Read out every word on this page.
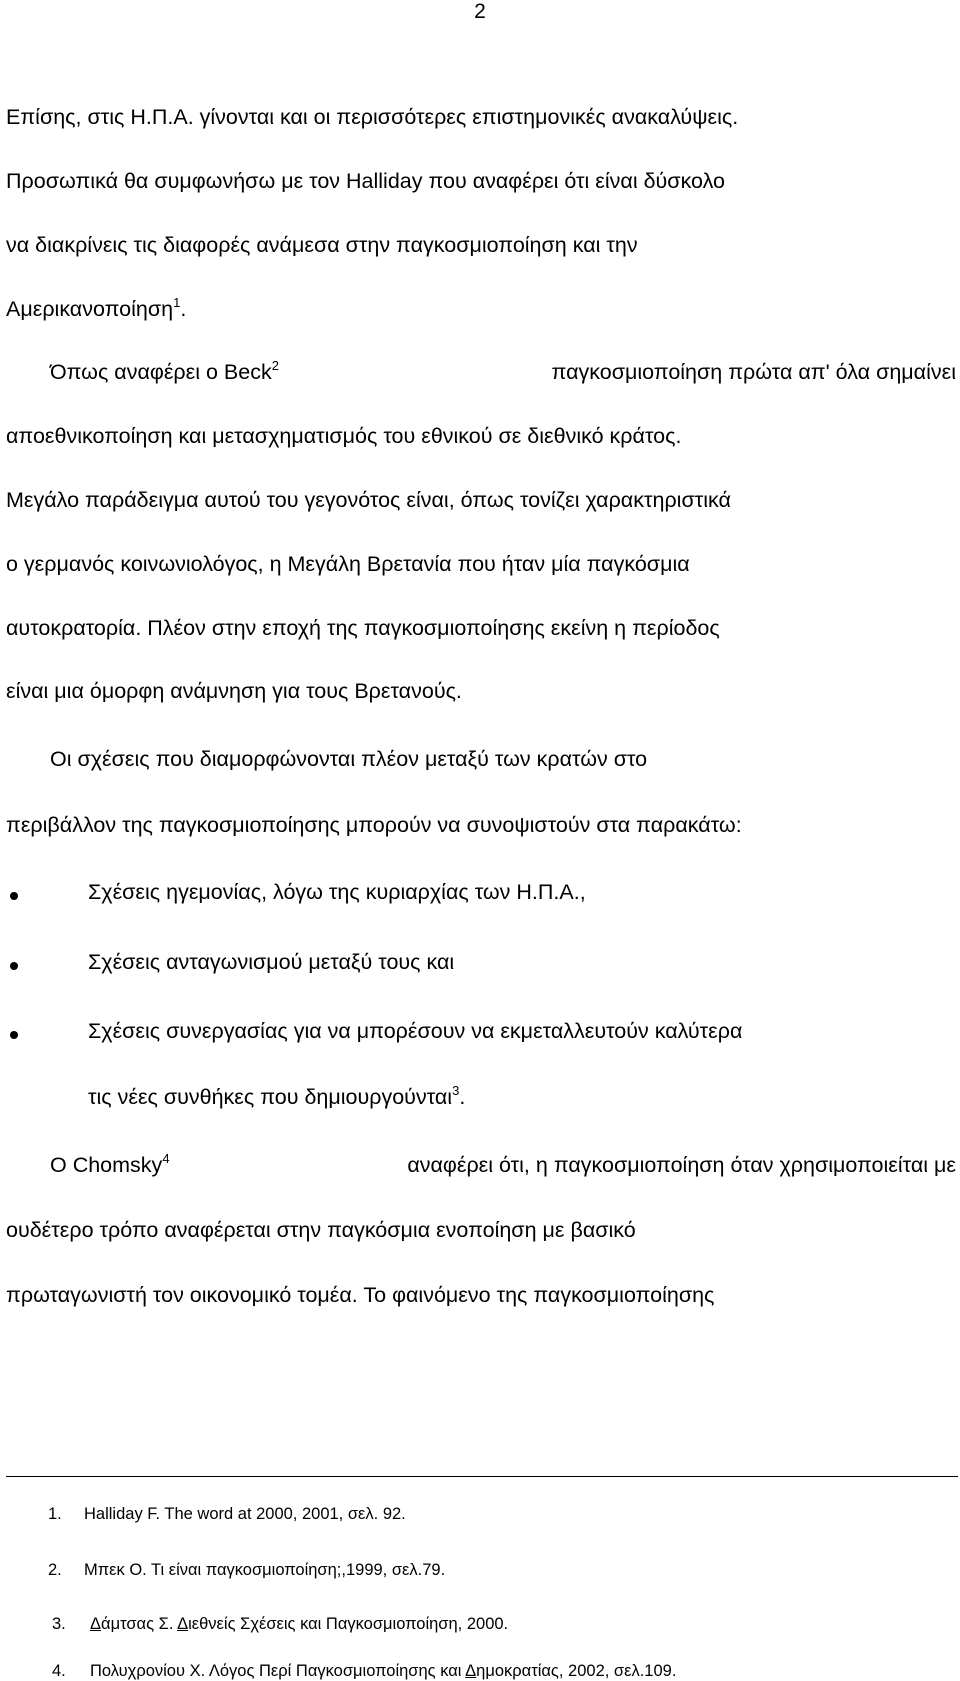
2
Επίσης, στις Η.Π.Α. γίνονται και οι περισσότερες επιστημονικές ανακαλύψεις.
Προσωπικά θα συμφωνήσω με τον Halliday που αναφέρει ότι είναι δύσκολο
να διακρίνεις τις διαφορές ανάμεσα στην παγκοσμιοποίηση και την
Αμερικανοποίηση$^1$.
Όπως αναφέρει ο Beck$^2$	παγκοσμιοποίηση πρώτα απ' όλα σημαίνει
αποεθνικοποίηση και μετασχηματισμός του εθνικού σε διεθνικό κράτος.
Μεγάλο παράδειγμα αυτού του γεγονότος είναι, όπως τονίζει χαρακτηριστικά
ο γερμανός κοινωνιολόγος, η Μεγάλη Βρετανία που ήταν μία παγκόσμια
αυτοκρατορία. Πλέον στην εποχή της παγκοσμιοποίησης εκείνη η περίοδος
είναι μια όμορφη ανάμνηση για τους Βρετανούς.
Οι σχέσεις που διαμορφώνονται πλέον μεταξύ των κρατών στο
περιβάλλον της παγκοσμιοποίησης μπορούν να συνοψιστούν στα παρακάτω:
Σχέσεις ηγεμονίας, λόγω της κυριαρχίας των Η.Π.Α.,
Σχέσεις ανταγωνισμού μεταξύ τους και
Σχέσεις συνεργασίας για να μπορέσουν να εκμεταλλευτούν καλύτερα
τις νέες συνθήκες που δημιουργούνται$^3$.
Ο Chomsky$^4$	αναφέρει ότι, η παγκοσμιοποίηση όταν χρησιμοποιείται με
ουδέτερο τρόπο αναφέρεται στην παγκόσμια ενοποίηση με βασικό
πρωταγωνιστή τον οικονομικό τομέα. Το φαινόμενο της παγκοσμιοποίησης
1. Halliday F. The word at 2000, 2001, σελ. 92.
2. Μπεκ Ο. Τι είναι παγκοσμιοποίηση;,1999, σελ.79.
3. Δάμτσας Σ. Διεθνείς Σχέσεις και Παγκοσμιοποίηση, 2000.
4. Πολυχρονίου Χ. Λόγος Περί Παγκοσμιοποίησης και Δημοκρατίας, 2002, σελ.109.
